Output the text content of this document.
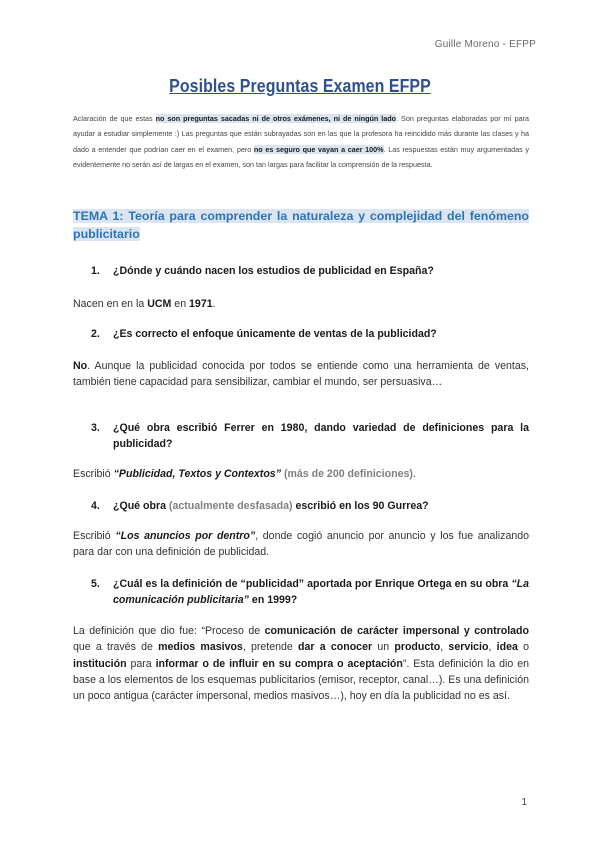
Guille Moreno - EFPP
Posibles Preguntas Examen EFPP
Aclaración de que estas no son preguntas sacadas ni de otros exámenes, ni de ningún lado. Son preguntas elaboradas por mí para ayudar a estudiar simplemente :) Las preguntas que están subrayadas son en las que la profesora ha reincidido más durante las clases y ha dado a entender que podrían caer en el examen, pero no es seguro que vayan a caer 100%. Las respuestas están muy argumentadas y evidentemente no serán así de largas en el examen, son tan largas para facilitar la comprensión de la respuesta.
TEMA 1: Teoría para comprender la naturaleza y complejidad del fenómeno publicitario
1.	¿Dónde y cuándo nacen los estudios de publicidad en España?
Nacen en en la UCM en 1971.
2.	¿Es correcto el enfoque únicamente de ventas de la publicidad?
No. Aunque la publicidad conocida por todos se entiende como una herramienta de ventas, también tiene capacidad para sensibilizar, cambiar el mundo, ser persuasiva…
3.	¿Qué obra escribió Ferrer en 1980, dando variedad de definiciones para la publicidad?
Escribió “Publicidad, Textos y Contextos” (más de 200 definiciones).
4.	¿Qué obra (actualmente desfasada) escribió en los 90 Gurrea?
Escribió “Los anuncios por dentro”, donde cogió anuncio por anuncio y los fue analizando para dar con una definición de publicidad.
5.	¿Cuál es la definición de “publicidad” aportada por Enrique Ortega en su obra “La comunicación publicitaria” en 1999?
La definición que dio fue: “Proceso de comunicación de carácter impersonal y controlado que a través de medios masivos, pretende dar a conocer un producto, servicio, idea o institución para informar o de influir en su compra o aceptación”. Esta definición la dio en base a los elementos de los esquemas publicitarios (emisor, receptor, canal…). Es una definición un poco antigua (carácter impersonal, medios masivos…), hoy en día la publicidad no es así.
1
